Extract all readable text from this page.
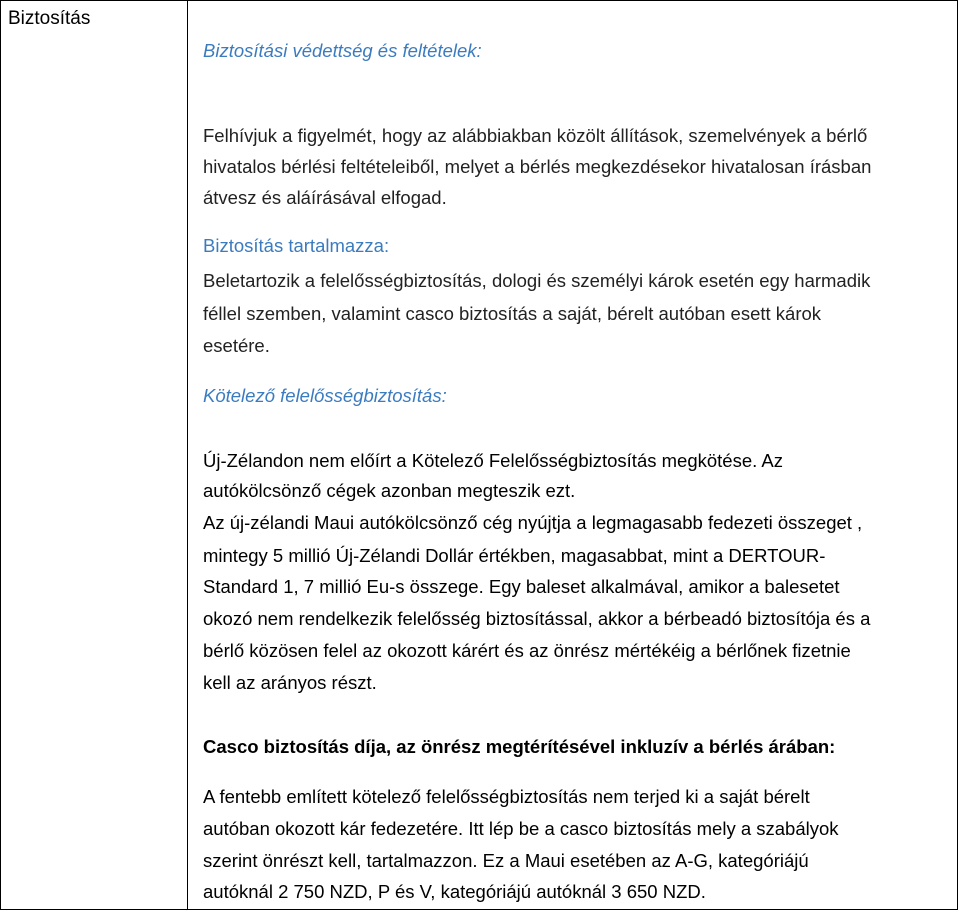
Biztosítás
Biztosítási védettség és feltételek:
Felhívjuk a figyelmét, hogy az alábbiakban közölt állítások, szemelvények a bérlő
hivatalos bérlési feltételeiből, melyet a bérlés megkezdésekor hivatalosan írásban
átvesz és aláírásával elfogad.
Biztosítás tartalmazza:
Beletartozik a felelősségbiztosítás, dologi és személyi károk esetén egy harmadik
féllel szemben, valamint casco biztosítás a saját, bérelt autóban esett károk
esetére.
Kötelező felelősségbiztosítás:
Új-Zélandon nem előírt a Kötelező Felelősségbiztosítás megkötése. Az
autókölcsönző cégek azonban megteszik ezt.
Az új-zélandi Maui autókölcsönző cég nyújtja a legmagasabb fedezeti összeget ,
mintegy 5 millió Új-Zélandi Dollár értékben, magasabbat, mint a DERTOUR-
Standard 1, 7 millió Eu-s összege. Egy baleset alkalmával, amikor a balesetet
okozó nem rendelkezik felelősség biztosítással, akkor a bérbeadó biztosítója és a
bérlő közösen felel az okozott kárért és az önrész mértékéig a bérlőnek fizetnie
kell az arányos részt.
Casco biztosítás díja, az önrész megtérítésével inkluzív a bérlés árában:
A fentebb említett kötelező felelősségbiztosítás nem terjed ki a saját bérelt
autóban okozott kár fedezetére. Itt lép be a casco biztosítás mely a szabályok
szerint önrészt kell, tartalmazzon. Ez a Maui esetében az A-G, kategóriájú
autóknál 2 750 NZD, P és V, kategóriájú autóknál 3 650 NZD.
